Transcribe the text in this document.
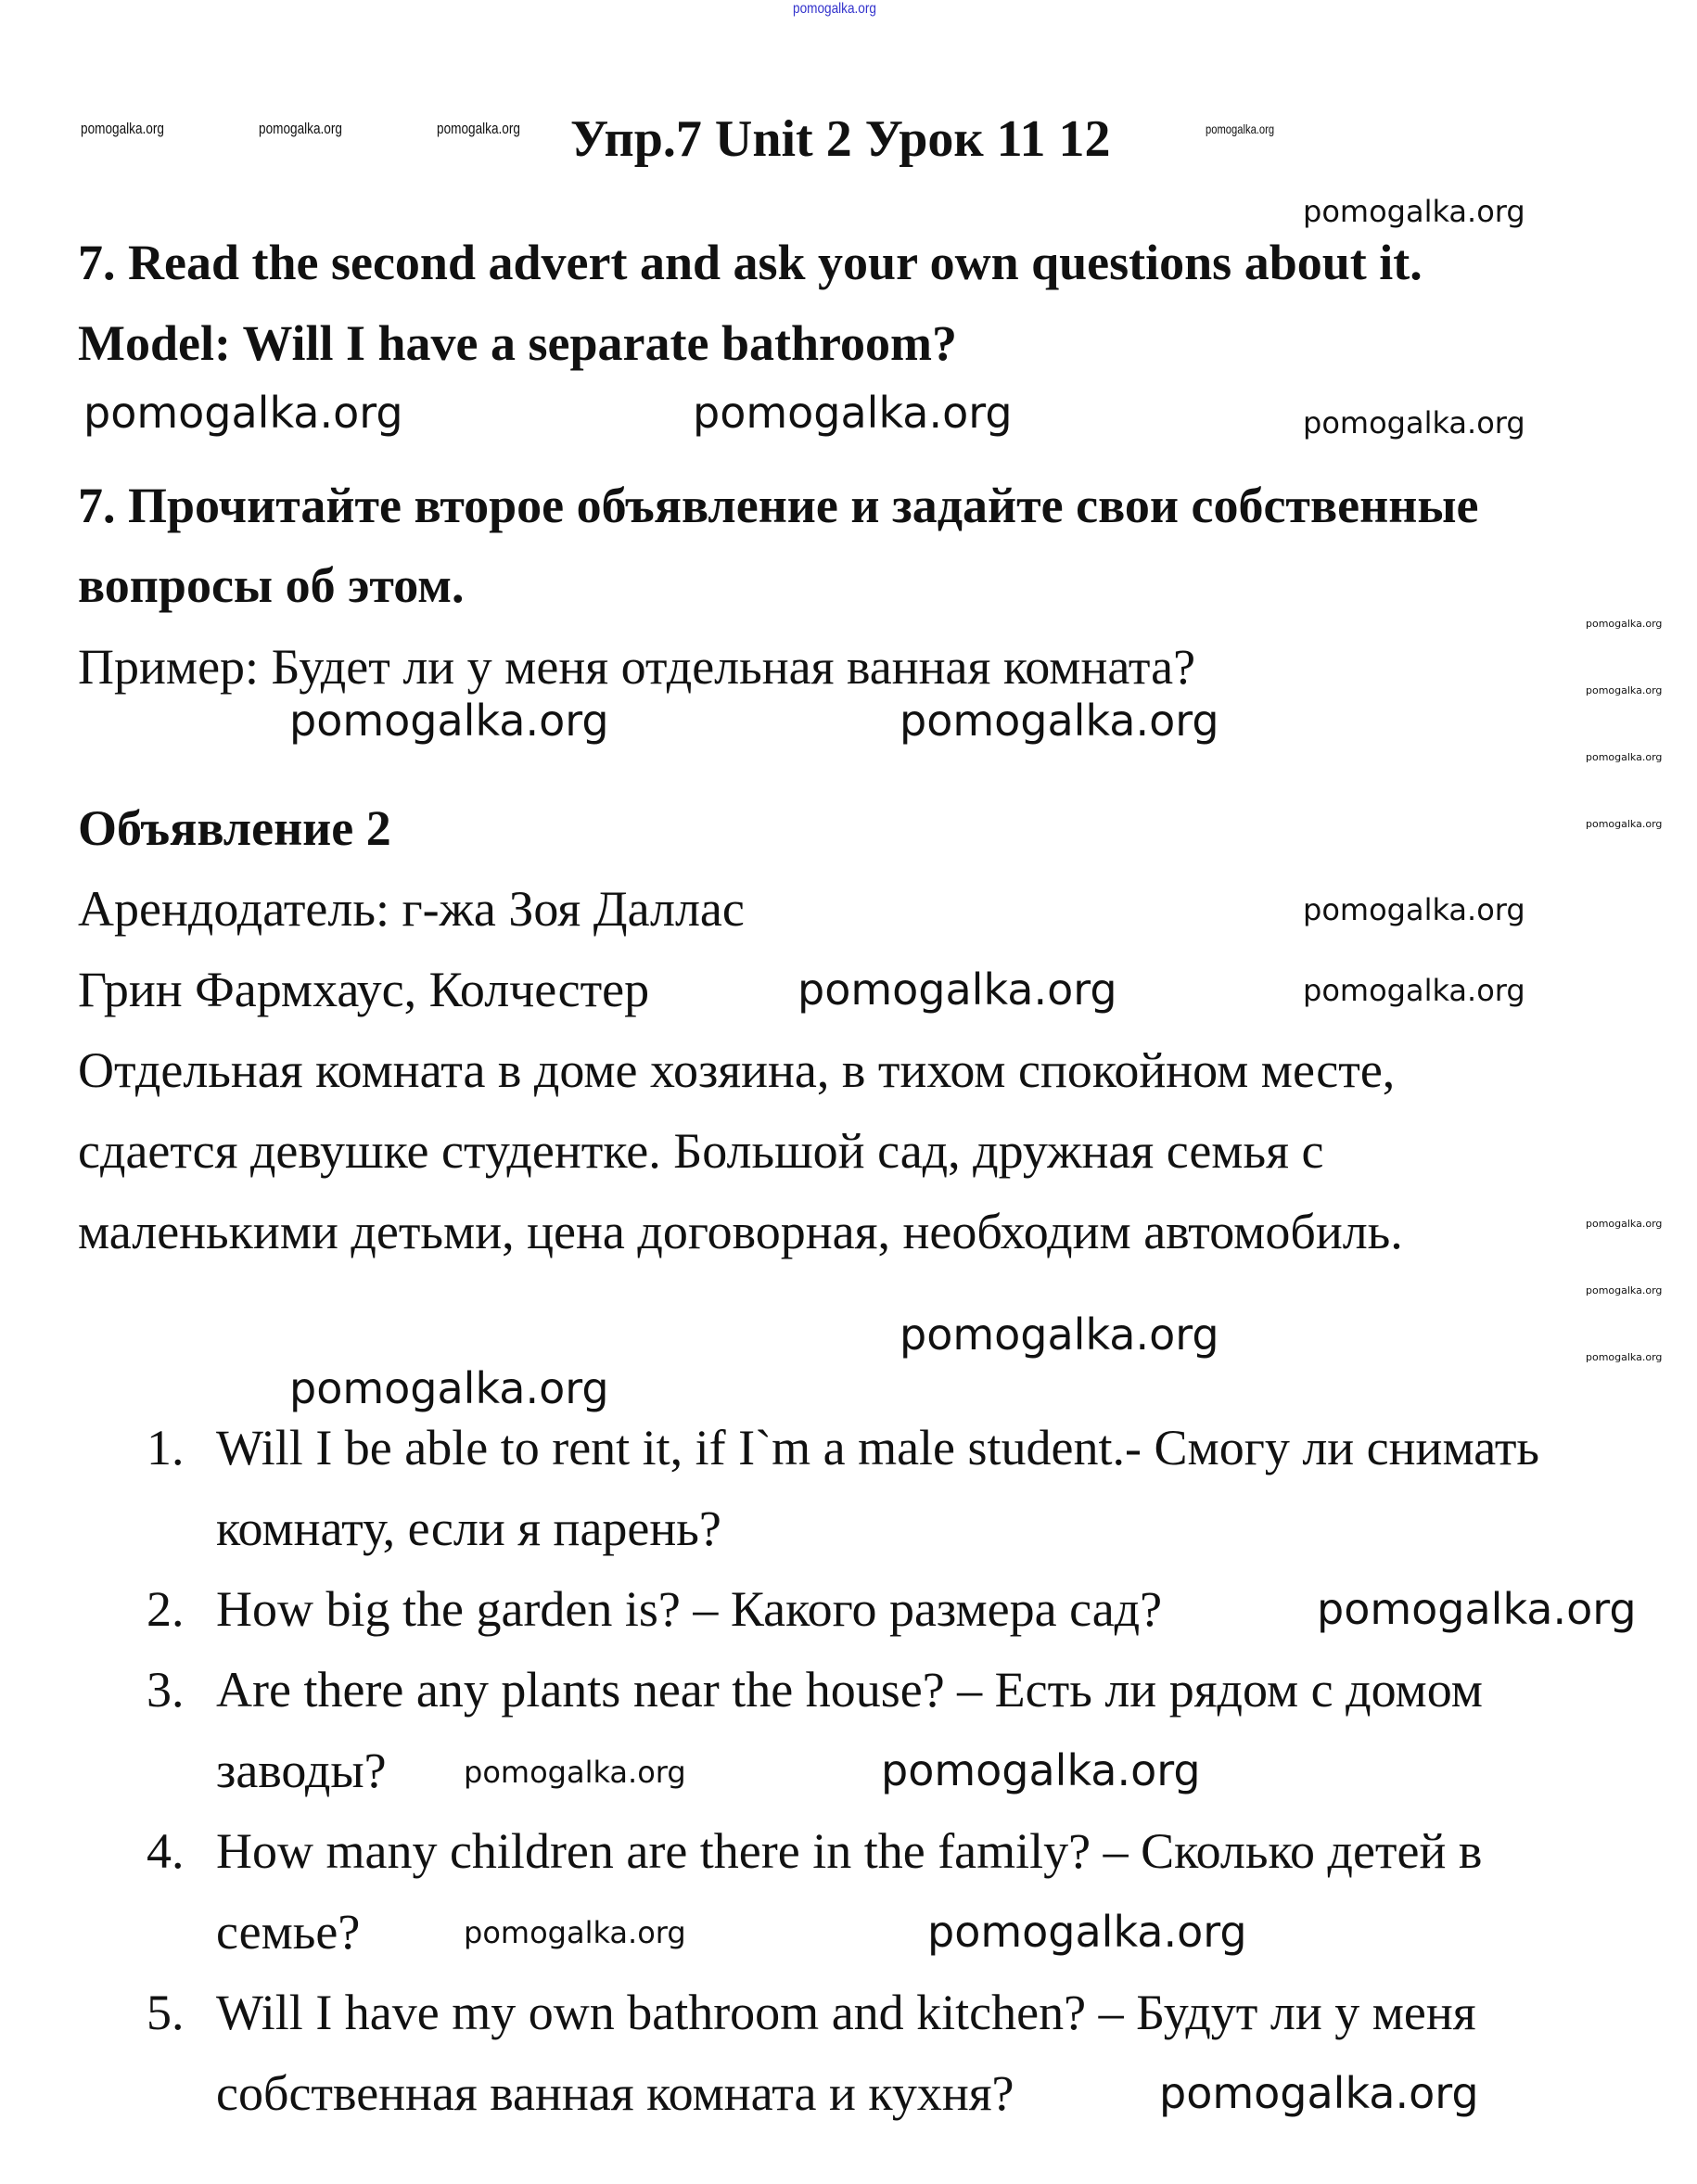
pomogalka.org
pomogalka.org	pomogalka.org	pomogalka.org Упр.7 Unit 2 Урок 11 12	pomogalka.org
pomogalka.org
7. Read the second advert and ask your own questions about it.
Model: Will I have a separate bathroom?
pomogalka.org	pomogalka.org	pomogalka.org
7. Прочитайте второе объявление и задайте свои собственные
вопросы об этом.
Пример: Будет ли у меня отдельная ванная комната?
pomogalka.org	pomogalka.org
pomogalka.org
pomogalka.org
pomogalka.org
pomogalka.org
pomogalka.org
pomogalka.org
pomogalka.org
Объявление 2
Арендодатель: г-жа Зоя Даллас
Грин Фармхаус, Колчестер
pomogalka.org
pomogalka.org	pomogalka.org
Отдельная комната в доме хозяина, в тихом спокойном месте,
сдается девушке студентке. Большой сад, дружная семья с
маленькими детьми, цена договорная, необходим автомобиль.
pomogalka.org
pomogalka.org
1. Will I be able to rent it, if I`m a male student.- Смогу ли снимать
комнату, если я парень?
2. How big the garden is? – Какого размера сад?
3. Are there any plants near the house? – Есть ли рядом с домом
заводы?
4. How many children are there in the family? – Сколько детей в
семье?
5. Will I have my own bathroom and kitchen? – Будут ли у меня
собственная ванная комната и кухня?
pomogalka.org
pomogalka.org	pomogalka.org
pomogalka.org	pomogalka.org
pomogalka.org
